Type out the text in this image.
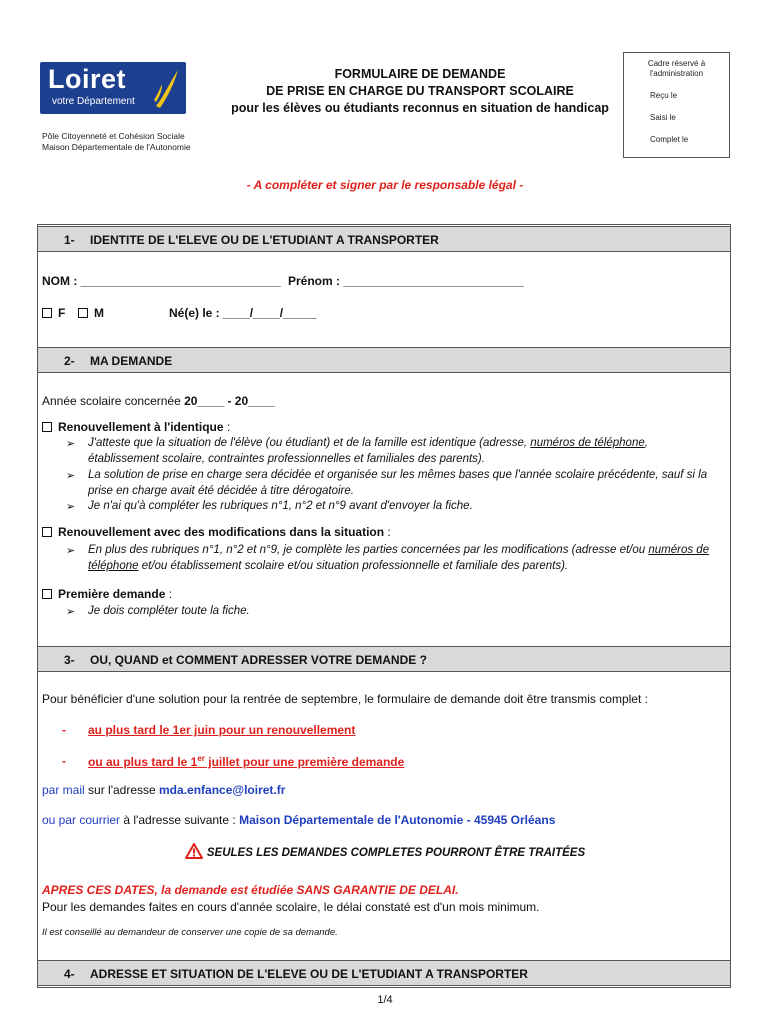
Loiret
votre Département
Pôle Citoyenneté et Cohésion Sociale
Maison Départementale de l'Autonomie
FORMULAIRE DE DEMANDE
DE PRISE EN CHARGE DU TRANSPORT SCOLAIRE
pour les élèves ou étudiants reconnus en situation de handicap
Cadre réservé à
l'administration
Reçu le
Saisi le
Complet le
- A compléter et signer par le responsable légal -
1- IDENTITE DE L'ELEVE OU DE L'ETUDIANT A TRANSPORTER
NOM : ______________________________ Prénom : ___________________________
F	M	Né(e) le : ____/____/_____
2- MA DEMANDE
Année scolaire concernée 20____ - 20____
Renouvellement à l'identique :
➢ J'atteste que la situation de l'élève (ou étudiant) et de la famille est identique (adresse, numéros de téléphone,
établissement scolaire, contraintes professionnelles et familiales des parents).
➢ La solution de prise en charge sera décidée et organisée sur les mêmes bases que l'année scolaire précédente, sauf si la
prise en charge avait été décidée à titre dérogatoire.
➢ Je n'ai qu'à compléter les rubriques n°1, n°2 et n°9 avant d'envoyer la fiche.
Renouvellement avec des modifications dans la situation :
➢ En plus des rubriques n°1, n°2 et n°9, je complète les parties concernées par les modifications (adresse et/ou numéros de
téléphone et/ou établissement scolaire et/ou situation professionnelle et familiale des parents).
Première demande :
➢ Je dois compléter toute la fiche.
3- OU, QUAND et COMMENT ADRESSER VOTRE DEMANDE ?
Pour bénéficier d'une solution pour la rentrée de septembre, le formulaire de demande doit être transmis complet :
- au plus tard le 1er juin pour un renouvellement
- ou au plus tard le 1er juillet pour une première demande
par mail sur l'adresse mda.enfance@loiret.fr
ou par courrier à l'adresse suivante : Maison Départementale de l'Autonomie - 45945 Orléans
SEULES LES DEMANDES COMPLETES POURRONT ÊTRE TRAITÉES
APRES CES DATES, la demande est étudiée SANS GARANTIE DE DELAI.
Pour les demandes faites en cours d'année scolaire, le délai constaté est d'un mois minimum.
Il est conseillé au demandeur de conserver une copie de sa demande.
4- ADRESSE ET SITUATION DE L'ELEVE OU DE L'ETUDIANT A TRANSPORTER
1/4
